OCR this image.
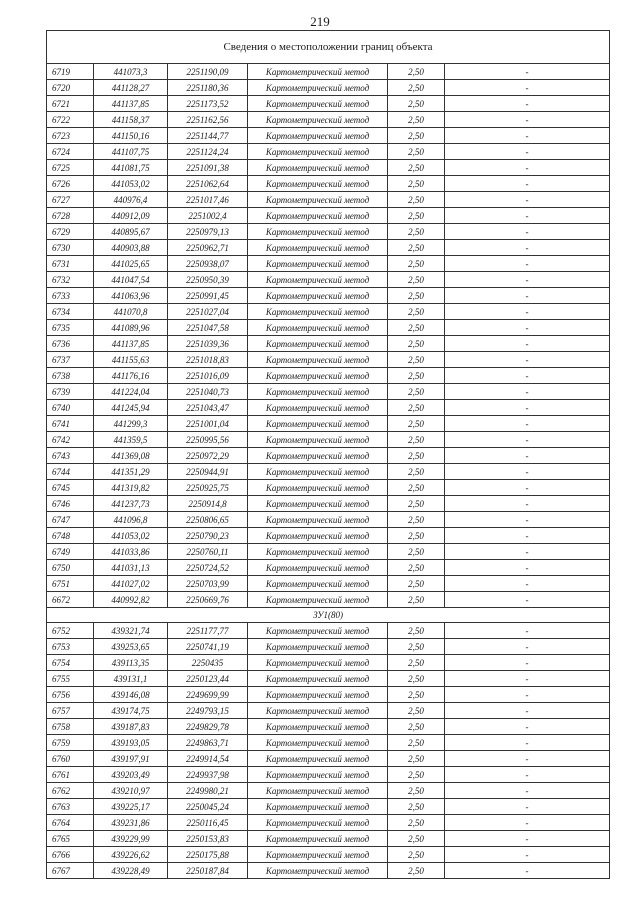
219
Сведения о местоположении границ объекта					
6719	441073,3	2251190,09	Картометрический метод	2,50	-
6720	441128,27	2251180,36	Картометрический метод	2,50	-
6721	441137,85	2251173,52	Картометрический метод	2,50	-
6722	441158,37	2251162,56	Картометрический метод	2,50	-
6723	441150,16	2251144,77	Картометрический метод	2,50	-
6724	441107,75	2251124,24	Картометрический метод	2,50	-
6725	441081,75	2251091,38	Картометрический метод	2,50	-
6726	441053,02	2251062,64	Картометрический метод	2,50	-
6727	440976,4	2251017,46	Картометрический метод	2,50	-
6728	440912,09	2251002,4	Картометрический метод	2,50	-
6729	440895,67	2250979,13	Картометрический метод	2,50	-
6730	440903,88	2250962,71	Картометрический метод	2,50	-
6731	441025,65	2250938,07	Картометрический метод	2,50	-
6732	441047,54	2250950,39	Картометрический метод	2,50	-
6733	441063,96	2250991,45	Картометрический метод	2,50	-
6734	441070,8	2251027,04	Картометрический метод	2,50	-
6735	441089,96	2251047,58	Картометрический метод	2,50	-
6736	441137,85	2251039,36	Картометрический метод	2,50	-
6737	441155,63	2251018,83	Картометрический метод	2,50	-
6738	441176,16	2251016,09	Картометрический метод	2,50	-
6739	441224,04	2251040,73	Картометрический метод	2,50	-
6740	441245,94	2251043,47	Картометрический метод	2,50	-
6741	441299,3	2251001,04	Картометрический метод	2,50	-
6742	441359,5	2250995,56	Картометрический метод	2,50	-
6743	441369,08	2250972,29	Картометрический метод	2,50	-
6744	441351,29	2250944,91	Картометрический метод	2,50	-
6745	441319,82	2250925,75	Картометрический метод	2,50	-
6746	441237,73	2250914,8	Картометрический метод	2,50	-
6747	441096,8	2250806,65	Картометрический метод	2,50	-
6748	441053,02	2250790,23	Картометрический метод	2,50	-
6749	441033,86	2250760,11	Картометрический метод	2,50	-
6750	441031,13	2250724,52	Картометрический метод	2,50	-
6751	441027,02	2250703,99	Картометрический метод	2,50	-
6672	440992,82	2250669,76	Картометрический метод	2,50	-
ЗУ1(80)					
6752	439321,74	2251177,77	Картометрический метод	2,50	-
6753	439253,65	2250741,19	Картометрический метод	2,50	-
6754	439113,35	2250435	Картометрический метод	2,50	-
6755	439131,1	2250123,44	Картометрический метод	2,50	-
6756	439146,08	2249699,99	Картометрический метод	2,50	-
6757	439174,75	2249793,15	Картометрический метод	2,50	-
6758	439187,83	2249829,78	Картометрический метод	2,50	-
6759	439193,05	2249863,71	Картометрический метод	2,50	-
6760	439197,91	2249914,54	Картометрический метод	2,50	-
6761	439203,49	2249937,98	Картометрический метод	2,50	-
6762	439210,97	2249980,21	Картометрический метод	2,50	-
6763	439225,17	2250045,24	Картометрический метод	2,50	-
6764	439231,86	2250116,45	Картометрический метод	2,50	-
6765	439229,99	2250153,83	Картометрический метод	2,50	-
6766	439226,62	2250175,88	Картометрический метод	2,50	-
6767	439228,49	2250187,84	Картометрический метод	2,50	-
